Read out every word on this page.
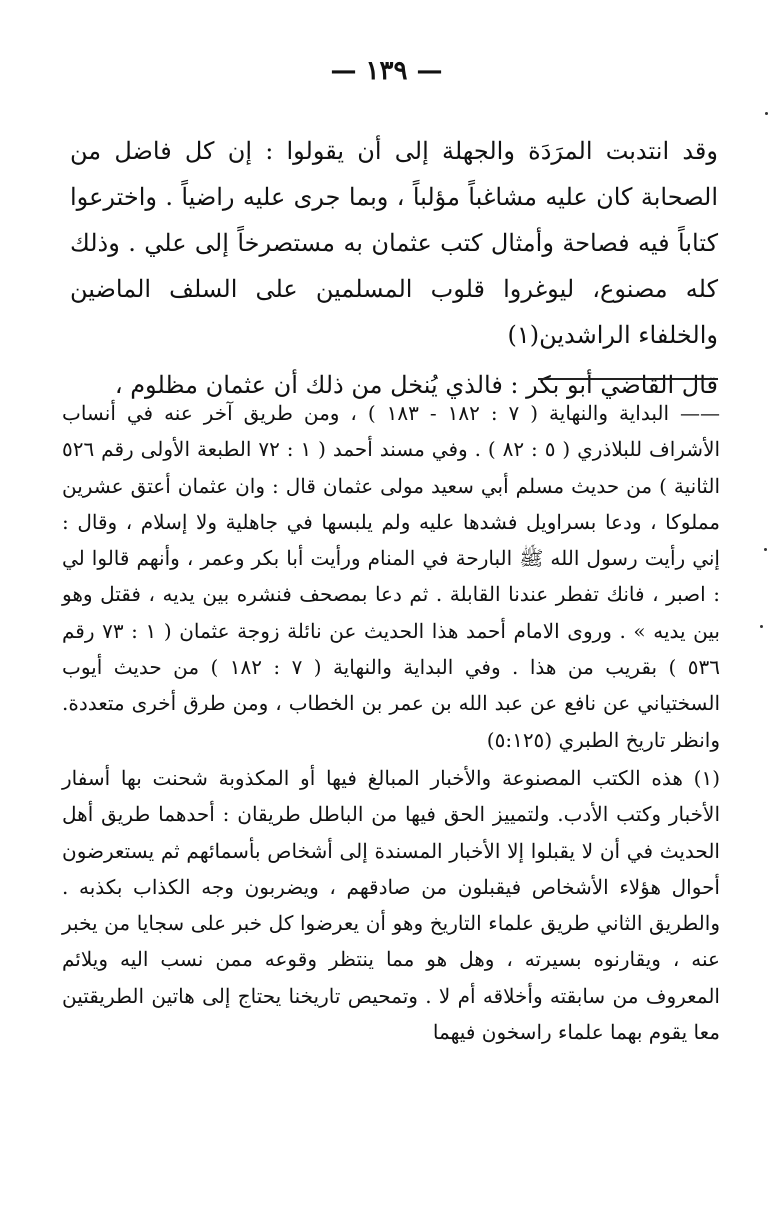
— ١٣٩ —

وقد انتدبت المرَدَة والجهلة إلى أن يقولوا : إن كل فاضل من الصحابة كان عليه مشاغباً مؤلباً ، وبما جرى عليه راضياً . واخترعوا كتاباً فيه فصاحة وأمثال كتب عثمان به مستصرخاً إلى علي . وذلك كله مصنوع، ليوغروا قلوب المسلمين على السلف الماضين والخلفاء الراشدين(١)

قال القاضي أبو بكر : فالذي يُنخل من ذلك أن عثمان مظلوم ،

—— البداية والنهاية ( ٧ : ١٨٢ - ١٨٣ ) ، ومن طريق آخر عنه في أنساب الأشراف للبلاذري ( ٥ : ٨٢ ) . وفي مسند أحمد ( ١ : ٧٢ الطبعة الأولى رقم ٥٢٦ الثانية ) من حديث مسلم أبي سعيد مولى عثمان قال : وان عثمان أعتق عشرين مملوكا ، ودعا بسراويل فشدها عليه ولم يلبسها في جاهلية ولا إسلام ، وقال : إني رأيت رسول الله ﷺ البارحة في المنام ورأيت أبا بكر وعمر ، وأنهم قالوا لي : اصبر ، فانك تفطر عندنا القابلة . ثم دعا بمصحف فنشره بين يديه ، فقتل وهو بين يديه » . وروى الامام أحمد هذا الحديث عن نائلة زوجة عثمان ( ١ : ٧٣ رقم ٥٣٦ ) بقريب من هذا . وفي البداية والنهاية ( ٧ : ١٨٢ ) من حديث أيوب السختياني عن نافع عن عبد الله بن عمر بن الخطاب ، ومن طرق أخرى متعددة. وانظر تاريخ الطبري (٥:١٢٥)

(١) هذه الكتب المصنوعة والأخبار المبالغ فيها أو المكذوبة شحنت بها أسفار الأخبار وكتب الأدب. ولتمييز الحق فيها من الباطل طريقان : أحدهما طريق أهل الحديث في أن لا يقبلوا إلا الأخبار المسندة إلى أشخاص بأسمائهم ثم يستعرضون أحوال هؤلاء الأشخاص فيقبلون من صادقهم ، ويضربون وجه الكذاب بكذبه . والطريق الثاني طريق علماء التاريخ وهو أن يعرضوا كل خبر على سجايا من يخبر عنه ، ويقارنوه بسيرته ، وهل هو مما ينتظر وقوعه ممن نسب اليه ويلائم المعروف من سابقته وأخلاقه أم لا . وتمحيص تاريخنا يحتاج إلى هاتين الطريقتين معا يقوم بهما علماء راسخون فيهما
